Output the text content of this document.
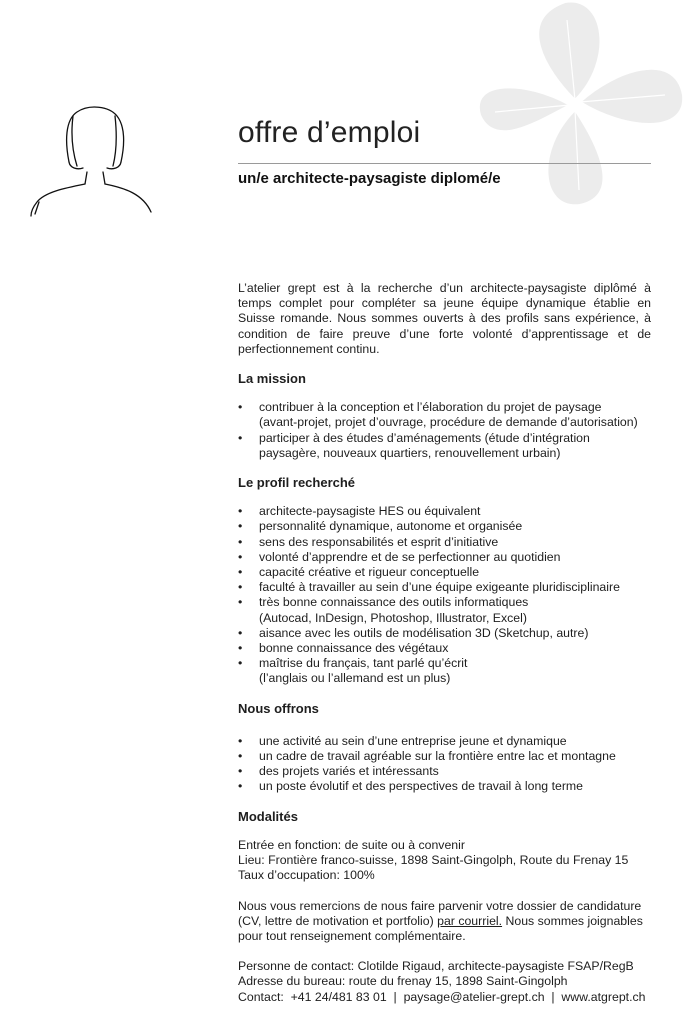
offre d’emploi
un/e architecte-paysagiste diplomé/e

L’atelier grept est à la recherche d’un architecte-paysagiste diplômé à temps complet pour compléter sa jeune équipe dynamique établie en Suisse romande. Nous sommes ouverts à des profils sans expérience, à condition de faire preuve d’une forte volonté d’apprentissage et de perfectionnement continu.

La mission

• contribuer à la conception et l’élaboration du projet de paysage
(avant-projet, projet d’ouvrage, procédure de demande d’autorisation)
• participer à des études d’aménagements (étude d’intégration
paysagère, nouveaux quartiers, renouvellement urbain)

Le profil recherché

• architecte-paysagiste HES ou équivalent
• personnalité dynamique, autonome et organisée
• sens des responsabilités et esprit d’initiative
• volonté d’apprendre et de se perfectionner au quotidien
• capacité créative et rigueur conceptuelle
• faculté à travailler au sein d’une équipe exigeante pluridisciplinaire
• très bonne connaissance des outils informatiques
(Autocad, InDesign, Photoshop, Illustrator, Excel)
• aisance avec les outils de modélisation 3D (Sketchup, autre)
• bonne connaissance des végétaux
• maîtrise du français, tant parlé qu’écrit
(l’anglais ou l’allemand est un plus)

Nous offrons

• une activité au sein d’une entreprise jeune et dynamique
• un cadre de travail agréable sur la frontière entre lac et montagne
• des projets variés et intéressants
• un poste évolutif et des perspectives de travail à long terme

Modalités

Entrée en fonction: de suite ou à convenir

Lieu: Frontière franco-suisse, 1898 Saint-Gingolph, Route du Frenay 15

Taux d’occupation: 100%

Nous vous remercions de nous faire parvenir votre dossier de candidature (CV, lettre de motivation et portfolio) par courriel. Nous sommes joignables pour tout renseignement complémentaire.

Personne de contact: Clotilde Rigaud, architecte-paysagiste FSAP/RegB

Adresse du bureau: route du frenay 15, 1898 Saint-Gingolph

Contact:  +41 24/481 83 01  |  paysage@atelier-grept.ch  |  www.atgrept.ch
